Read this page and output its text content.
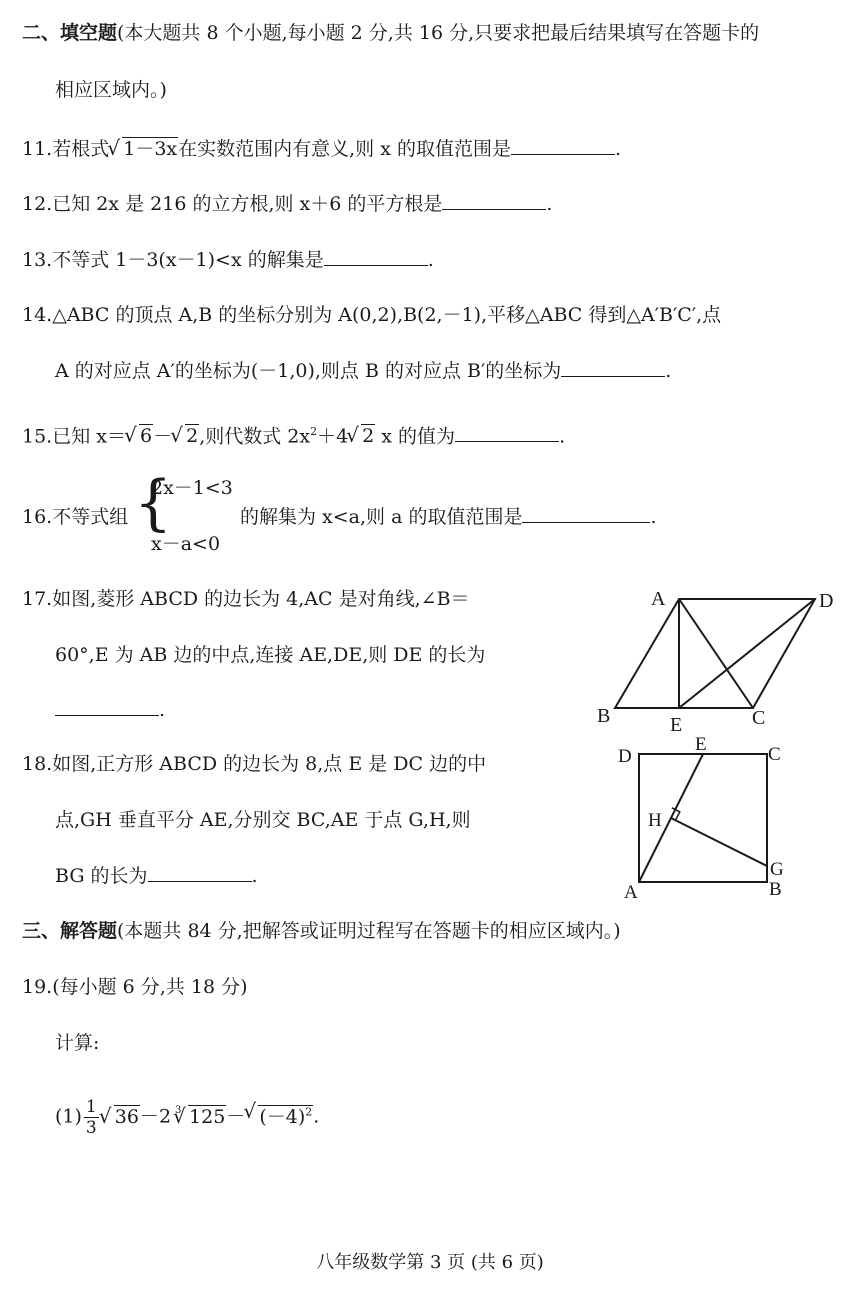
二、填空题(本大题共 8 个小题,每小题 2 分,共 16 分,只要求把最后结果填写在答题卡的
相应区域内。)
11.若根式√ 1－3x在实数范围内有意义,则 x 的取值范围是	.
12.已知 2x 是 216 的立方根,则 x＋6 的平方根是	.
13.不等式 1－3(x－1)<x 的解集是	.
14.△ABC 的顶点 A,B 的坐标分别为 A(0,2),B(2,－1),平移△ABC 得到△A′B′C′,点
A 的对应点 A′的坐标为(－1,0),则点 B 的对应点 B′的坐标为	.
15.已知 x＝√ 6－√ 2,则代数式 $2x^2+4√$ 2 x 的值为	.
16.不等式组 {
2x－1<3
x－a<0
的解集为 x<a,则 a 的取值范围是	.
17.如图,菱形 ABCD 的边长为 4,AC 是对角线,∠B＝
60°,E 为 AB 边的中点,连接 AE,DE,则 DE 的长为
.
A	D
B	E	C
18.如图,正方形 ABCD 的边长为 8,点 E 是 DC 边的中
点,GH 垂直平分 AE,分别交 BC,AE 于点 G,H,则
BG 的长为	.
D
E	C
H
G
A	B
三、解答题(本题共 84 分,把解答或证明过程写在答题卡的相应区域内。)
19.(每小题 6 分,共 18 分)
计算:
$(1) \frac{1}{3}$
√ 36－2
√ 3 125－√ $(-4)^2$.
八年级数学第 3 页 (共 6 页)
